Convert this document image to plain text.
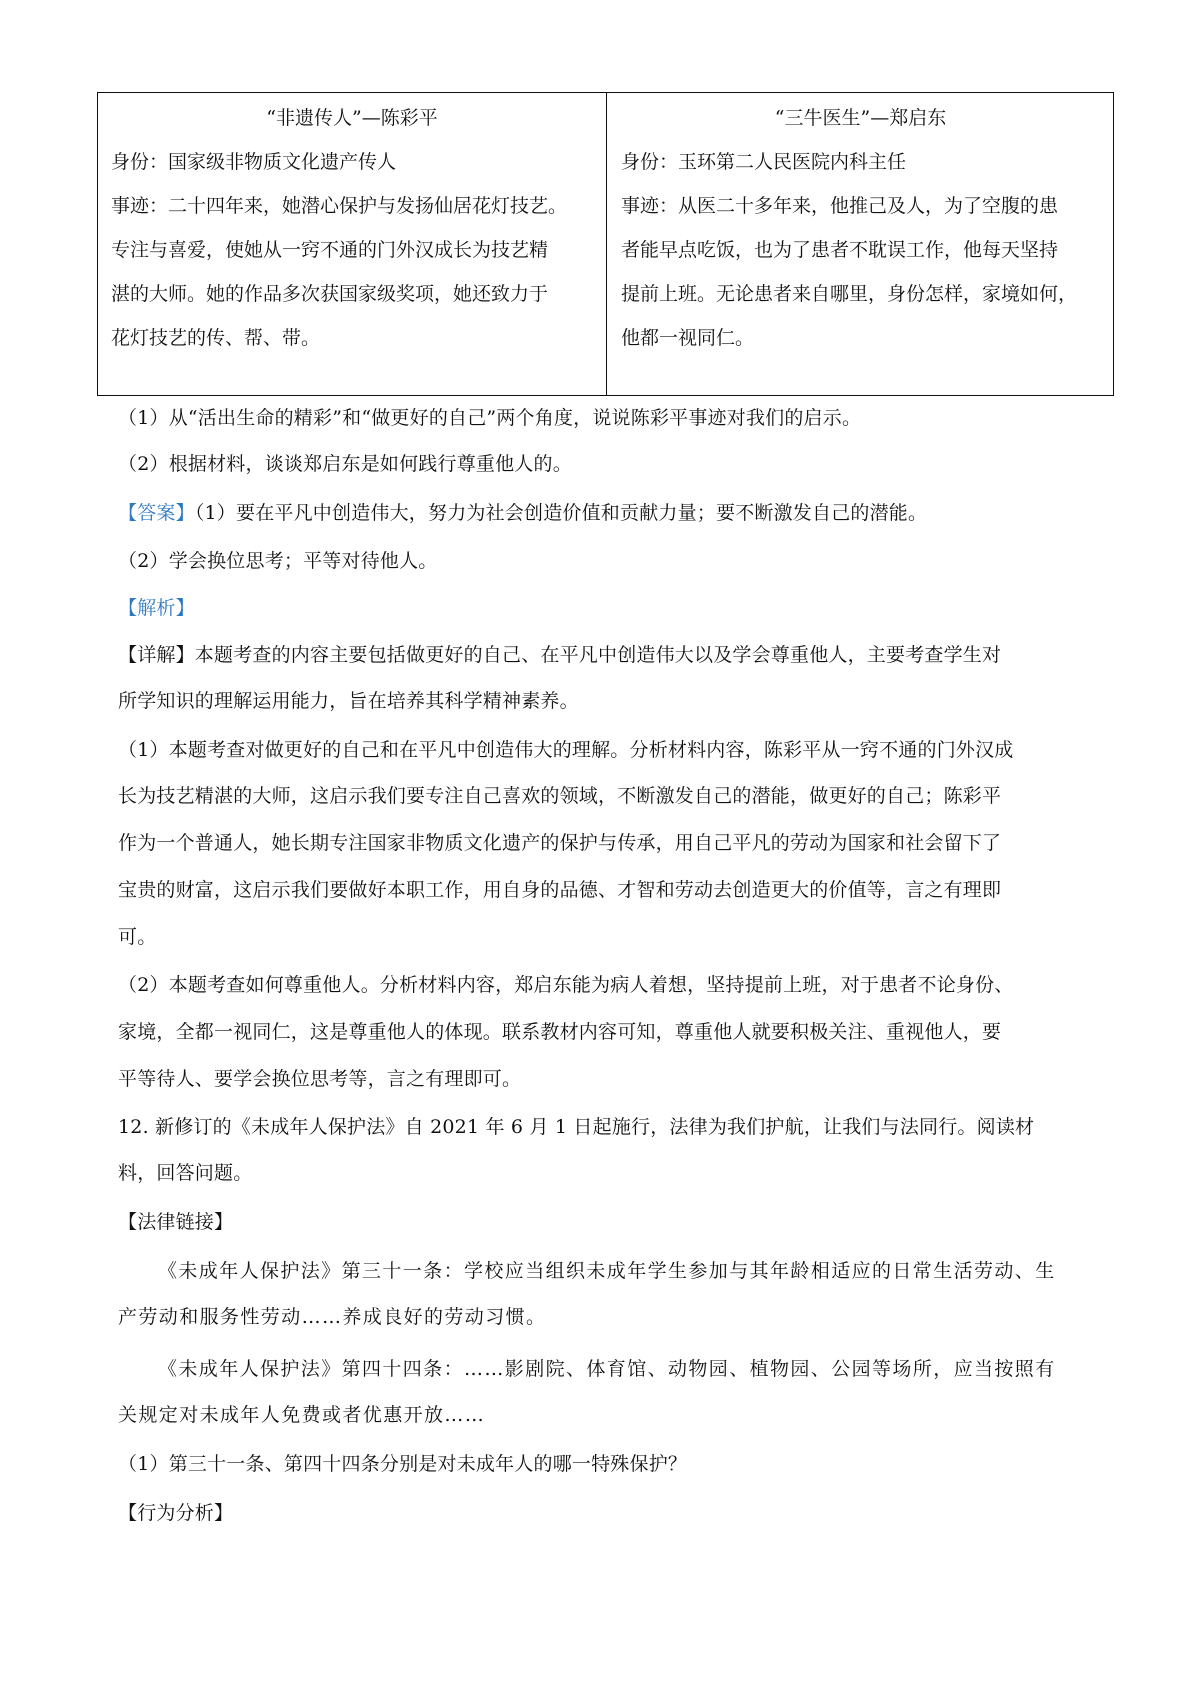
“非遗传人”—陈彩平
身份：国家级非物质文化遗产传人
事迹：二十四年来，她潜心保护与发扬仙居花灯技艺。
专注与喜爱，使她从一窍不通的门外汉成长为技艺精
湛的大师。她的作品多次获国家级奖项，她还致力于
花灯技艺的传、帮、带。
“三牛医生”—郑启东
身份：玉环第二人民医院内科主任
事迹：从医二十多年来，他推己及人，为了空腹的患
者能早点吃饭，也为了患者不耽误工作，他每天坚持
提前上班。无论患者来自哪里，身份怎样，家境如何，
他都一视同仁。
（1）从“活出生命的精彩”和“做更好的自己”两个角度，说说陈彩平事迹对我们的启示。
（2）根据材料，谈谈郑启东是如何践行尊重他人的。
【答案】（1）要在平凡中创造伟大，努力为社会创造价值和贡献力量；要不断激发自己的潜能。
（2）学会换位思考；平等对待他人。
【解析】
【详解】本题考查的内容主要包括做更好的自己、在平凡中创造伟大以及学会尊重他人，主要考查学生对
所学知识的理解运用能力，旨在培养其科学精神素养。
（1）本题考查对做更好的自己和在平凡中创造伟大的理解。分析材料内容，陈彩平从一窍不通的门外汉成
长为技艺精湛的大师，这启示我们要专注自己喜欢的领域，不断激发自己的潜能，做更好的自己；陈彩平
作为一个普通人，她长期专注国家非物质文化遗产的保护与传承，用自己平凡的劳动为国家和社会留下了
宝贵的财富，这启示我们要做好本职工作，用自身的品德、才智和劳动去创造更大的价值等，言之有理即
可。
（2）本题考查如何尊重他人。分析材料内容，郑启东能为病人着想，坚持提前上班，对于患者不论身份、
家境，全都一视同仁，这是尊重他人的体现。联系教材内容可知，尊重他人就要积极关注、重视他人，要
平等待人、要学会换位思考等，言之有理即可。
12. 新修订的《未成年人保护法》自 2021 年 6 月 1 日起施行，法律为我们护航，让我们与法同行。阅读材
料，回答问题。
【法律链接】
《未成年人保护法》第三十一条：学校应当组织未成年学生参加与其年龄相适应的日常生活劳动、生
产劳动和服务性劳动……养成良好的劳动习惯。
《未成年人保护法》第四十四条：……影剧院、体育馆、动物园、植物园、公园等场所，应当按照有
关规定对未成年人免费或者优惠开放……
（1）第三十一条、第四十四条分别是对未成年人的哪一特殊保护？
【行为分析】
